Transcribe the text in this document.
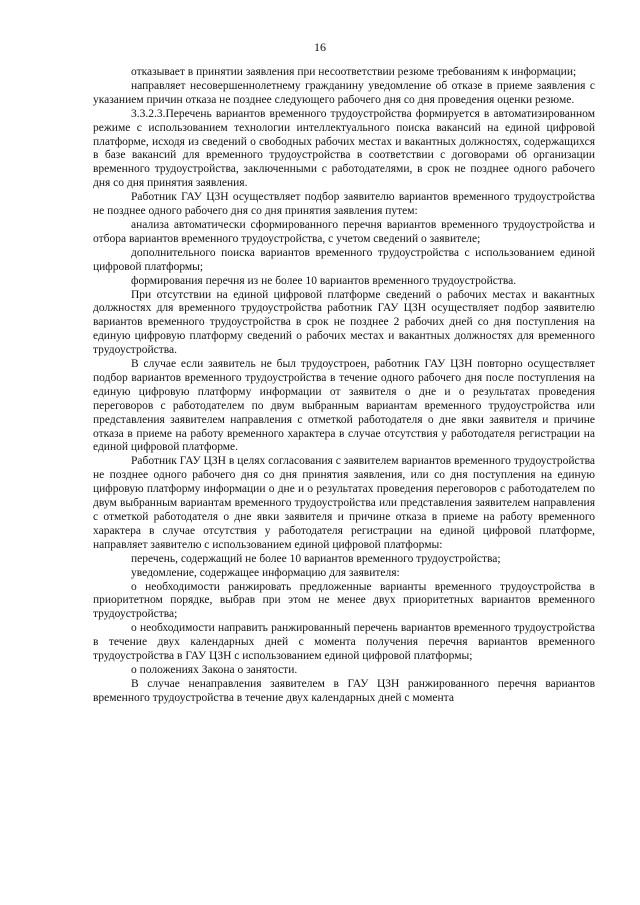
16

отказывает в принятии заявления при несоответствии резюме требованиям к информации;

направляет несовершеннолетнему гражданину уведомление об отказе в приеме заявления с указанием причин отказа не позднее следующего рабочего дня со дня проведения оценки резюме.

3.3.2.3.Перечень вариантов временного трудоустройства формируется в автоматизированном режиме с использованием технологии интеллектуального поиска вакансий на единой цифровой платформе, исходя из сведений о свободных рабочих местах и вакантных должностях, содержащихся в базе вакансий для временного трудоустройства в соответствии с договорами об организации временного трудоустройства, заключенными с работодателями, в срок не позднее одного рабочего дня со дня принятия заявления.

Работник ГАУ ЦЗН осуществляет подбор заявителю вариантов временного трудоустройства не позднее одного рабочего дня со дня принятия заявления путем:

анализа автоматически сформированного перечня вариантов временного трудоустройства и отбора вариантов временного трудоустройства, с учетом сведений о заявителе;

дополнительного поиска вариантов временного трудоустройства с использованием единой цифровой платформы;

формирования перечня из не более 10 вариантов временного трудоустройства.

При отсутствии на единой цифровой платформе сведений о рабочих местах и вакантных должностях для временного трудоустройства работник ГАУ ЦЗН осуществляет подбор заявителю вариантов временного трудоустройства в срок не позднее 2 рабочих дней со дня поступления на единую цифровую платформу сведений о рабочих местах и вакантных должностях для временного трудоустройства.

В случае если заявитель не был трудоустроен, работник ГАУ ЦЗН повторно осуществляет подбор вариантов временного трудоустройства в течение одного рабочего дня после поступления на единую цифровую платформу информации от заявителя о дне и о результатах проведения переговоров с работодателем по двум выбранным вариантам временного трудоустройства или представления заявителем направления с отметкой работодателя о дне явки заявителя и причине отказа в приеме на работу временного характера в случае отсутствия у работодателя регистрации на единой цифровой платформе.

Работник ГАУ ЦЗН в целях согласования с заявителем вариантов временного трудоустройства не позднее одного рабочего дня со дня принятия заявления, или со дня поступления на единую цифровую платформу информации о дне и о результатах проведения переговоров с работодателем по двум выбранным вариантам временного трудоустройства или представления заявителем направления с отметкой работодателя о дне явки заявителя и причине отказа в приеме на работу временного характера в случае отсутствия у работодателя регистрации на единой цифровой платформе, направляет заявителю с использованием единой цифровой платформы:

перечень, содержащий не более 10 вариантов временного трудоустройства;

уведомление, содержащее информацию для заявителя:

о необходимости ранжировать предложенные варианты временного трудоустройства в приоритетном порядке, выбрав при этом не менее двух приоритетных вариантов временного трудоустройства;

о необходимости направить ранжированный перечень вариантов временного трудоустройства в течение двух календарных дней с момента получения перечня вариантов временного трудоустройства в ГАУ ЦЗН с использованием единой цифровой платформы;

о положениях Закона о занятости.

В случае ненаправления заявителем в ГАУ ЦЗН ранжированного перечня вариантов временного трудоустройства в течение двух календарных дней с момента
